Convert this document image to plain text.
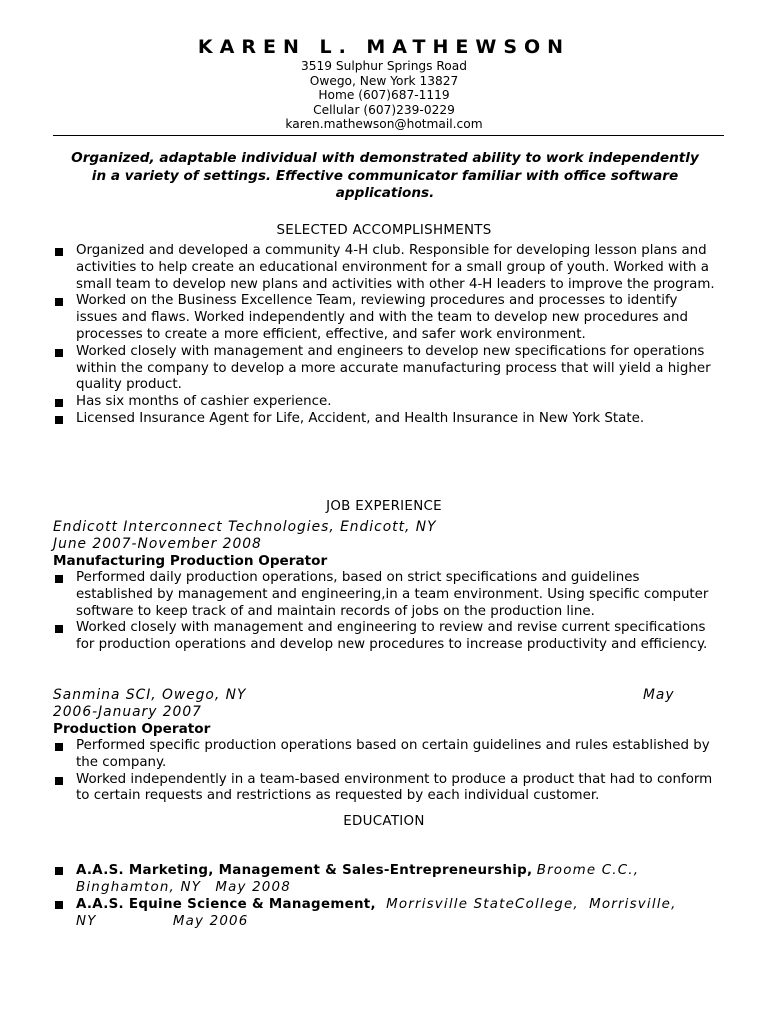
KAREN L. MATHEWSON
3519 Sulphur Springs Road
Owego, New York 13827
Home (607)687-1119
Cellular (607)239-0229
karen.mathewson@hotmail.com
Organized, adaptable individual with demonstrated ability to work independently in a variety of settings. Effective communicator familiar with office software applications.
SELECTED ACCOMPLISHMENTS
Organized and developed a community 4-H club. Responsible for developing lesson plans and activities to help create an educational environment for a small group of youth. Worked with a small team to develop new plans and activities with other 4-H leaders to improve the program.
Worked on the Business Excellence Team, reviewing procedures and processes to identify issues and flaws. Worked independently and with the team to develop new procedures and processes to create a more efficient, effective, and safer work environment.
Worked closely with management and engineers to develop new specifications for operations within the company to develop a more accurate manufacturing process that will yield a higher quality product.
Has six months of cashier experience.
Licensed Insurance Agent for Life, Accident, and Health Insurance in New York State.
JOB EXPERIENCE
Endicott Interconnect Technologies, Endicott, NY
June 2007-November 2008
Manufacturing Production Operator
Performed daily production operations, based on strict specifications and guidelines established by management and engineering,in a team environment. Using specific computer software to keep track of and maintain records of jobs on the production line.
Worked closely with management and engineering to review and revise current specifications for production operations and develop new procedures to increase productivity and efficiency.
Sanmina SCI, Owego, NY	May
2006-January 2007
Production Operator
Performed specific production operations based on certain guidelines and rules established by the company.
Worked independently in a team-based environment to produce a product that had to conform to certain requests and restrictions as requested by each individual customer.
EDUCATION
A.A.S. Marketing, Management & Sales-Entrepreneurship, Broome C.C.,
Binghamton, NY May 2008
A.A.S. Equine Science & Management, Morrisville StateCollege, Morrisville,
NY	May 2006
